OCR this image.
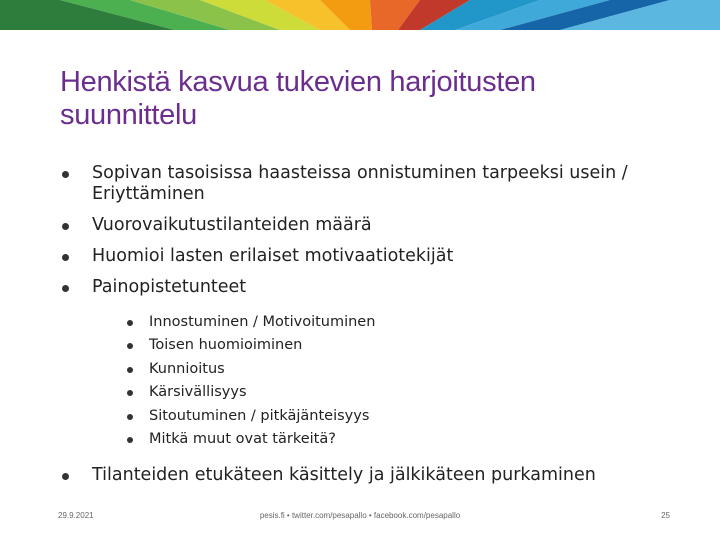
Henkistä kasvua tukevien harjoitusten suunnittelu
Sopivan tasoisissa haasteissa onnistuminen tarpeeksi usein / Eriyttäminen
Vuorovaikutustilanteiden määrä
Huomioi lasten erilaiset motivaatiotekijät
Painopistetunteet
Innostuminen / Motivoituminen
Toisen huomioiminen
Kunnioitus
Kärsivällisyys
Sitoutuminen / pitkäjänteisyys
Mitkä muut ovat tärkeitä?
Tilanteiden etukäteen käsittely ja jälkikäteen purkaminen
29.9.2021	pesis.fi • twitter.com/pesapallo • facebook.com/pesapallo	25
